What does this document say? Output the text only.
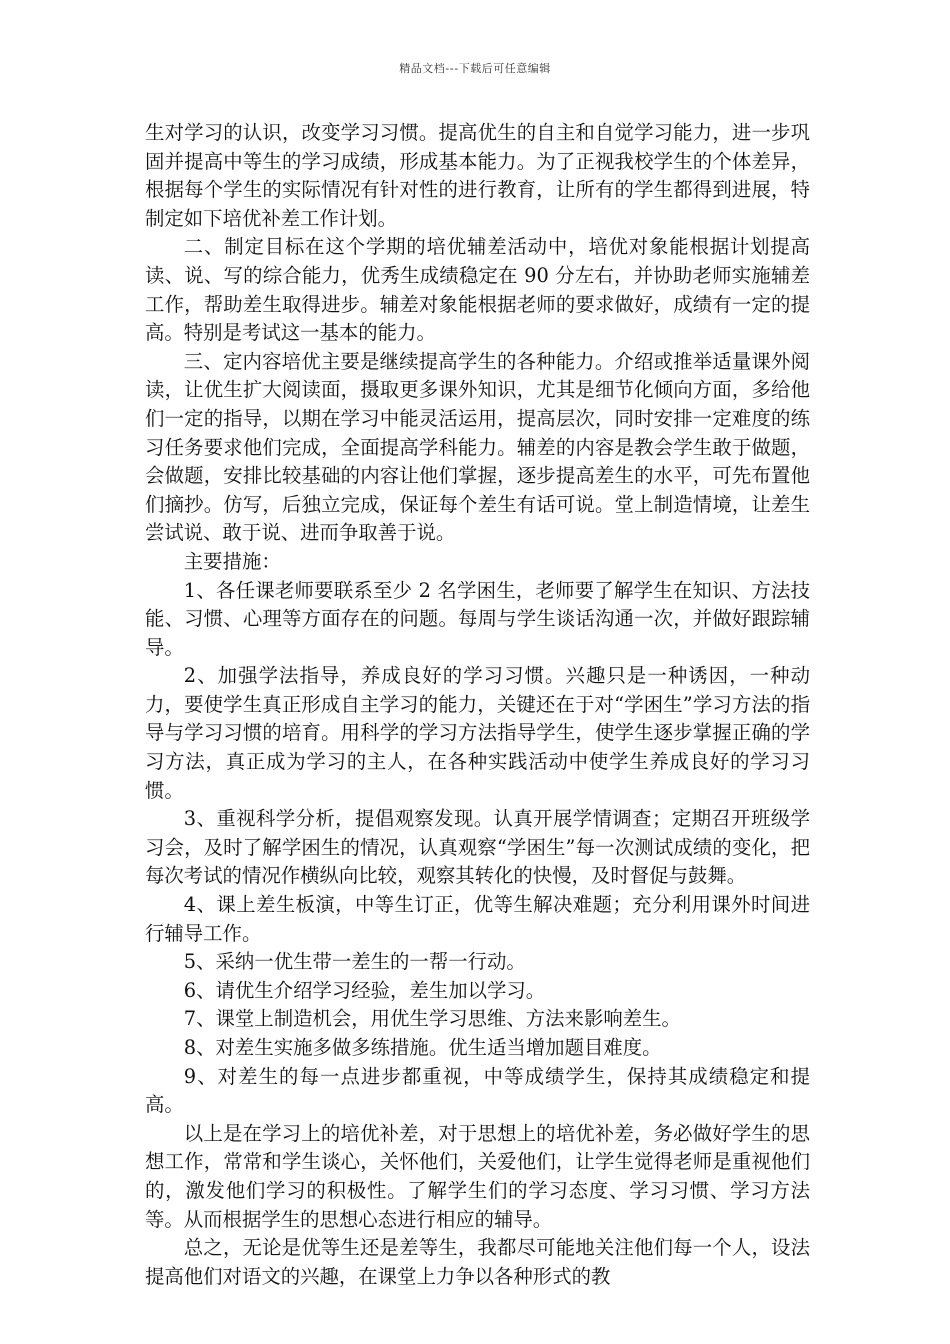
精品文档---下载后可任意编辑

生对学习的认识，改变学习习惯。提高优生的自主和自觉学习能力，进一步巩固并提高中等生的学习成绩，形成基本能力。为了正视我校学生的个体差异，根据每个学生的实际情况有针对性的进行教育，让所有的学生都得到进展，特制定如下培优补差工作计划。

二、制定目标在这个学期的培优辅差活动中，培优对象能根据计划提高读、说、写的综合能力，优秀生成绩稳定在 90 分左右，并协助老师实施辅差工作，帮助差生取得进步。辅差对象能根据老师的要求做好，成绩有一定的提高。特别是考试这一基本的能力。

三、定内容培优主要是继续提高学生的各种能力。介绍或推举适量课外阅读，让优生扩大阅读面，摄取更多课外知识，尤其是细节化倾向方面，多给他们一定的指导，以期在学习中能灵活运用，提高层次，同时安排一定难度的练习任务要求他们完成，全面提高学科能力。辅差的内容是教会学生敢于做题，会做题，安排比较基础的内容让他们掌握，逐步提高差生的水平，可先布置他们摘抄。仿写，后独立完成，保证每个差生有话可说。堂上制造情境，让差生尝试说、敢于说、进而争取善于说。

主要措施：

1、各任课老师要联系至少 2 名学困生，老师要了解学生在知识、方法技能、习惯、心理等方面存在的问题。每周与学生谈话沟通一次，并做好跟踪辅导。

2、加强学法指导，养成良好的学习习惯。兴趣只是一种诱因，一种动力，要使学生真正形成自主学习的能力，关键还在于对“学困生”学习方法的指导与学习习惯的培育。用科学的学习方法指导学生，使学生逐步掌握正确的学习方法，真正成为学习的主人，在各种实践活动中使学生养成良好的学习习惯。

3、重视科学分析，提倡观察发现。认真开展学情调查；定期召开班级学习会，及时了解学困生的情况，认真观察“学困生”每一次测试成绩的变化，把每次考试的情况作横纵向比较，观察其转化的快慢，及时督促与鼓舞。

4、课上差生板演，中等生订正，优等生解决难题；充分利用课外时间进行辅导工作。

5、采纳一优生带一差生的一帮一行动。

6、请优生介绍学习经验，差生加以学习。

7、课堂上制造机会，用优生学习思维、方法来影响差生。

8、对差生实施多做多练措施。优生适当增加题目难度。

9、对差生的每一点进步都重视，中等成绩学生，保持其成绩稳定和提高。

以上是在学习上的培优补差，对于思想上的培优补差，务必做好学生的思想工作，常常和学生谈心，关怀他们，关爱他们，让学生觉得老师是重视他们的，激发他们学习的积极性。了解学生们的学习态度、学习习惯、学习方法等。从而根据学生的思想心态进行相应的辅导。

总之，无论是优等生还是差等生，我都尽可能地关注他们每一个人，设法提高他们对语文的兴趣，在课堂上力争以各种形式的教
